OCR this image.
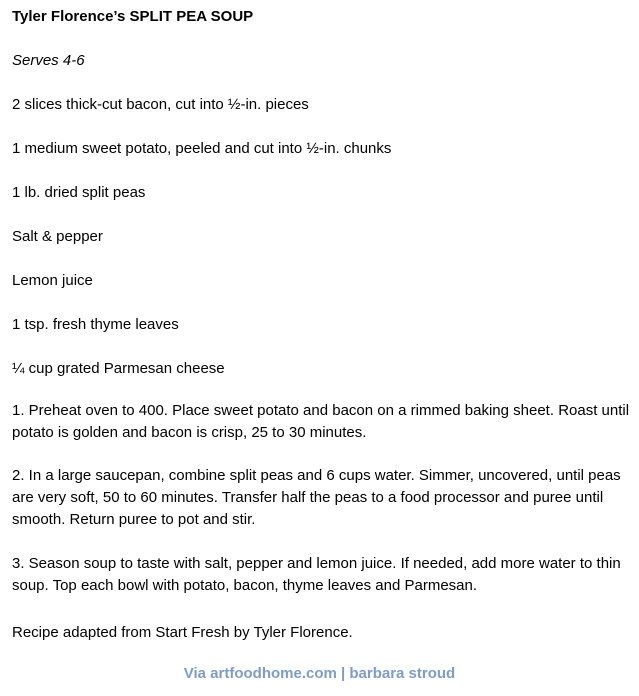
Tyler Florence’s SPLIT PEA SOUP
Serves 4-6
2 slices thick-cut bacon, cut into ½-in. pieces
1 medium sweet potato, peeled and cut into ½-in. chunks
1 lb. dried split peas
Salt & pepper
Lemon juice
1 tsp. fresh thyme leaves
¼ cup grated Parmesan cheese
1. Preheat oven to 400. Place sweet potato and bacon on a rimmed baking sheet. Roast until potato is golden and bacon is crisp, 25 to 30 minutes.
2. In a large saucepan, combine split peas and 6 cups water. Simmer, uncovered, until peas are very soft, 50 to 60 minutes. Transfer half the peas to a food processor and puree until smooth. Return puree to pot and stir.
3. Season soup to taste with salt, pepper and lemon juice. If needed, add more water to thin soup. Top each bowl with potato, bacon, thyme leaves and Parmesan.
Recipe adapted from Start Fresh by Tyler Florence.
Via artfoodhome.com | barbara stroud
